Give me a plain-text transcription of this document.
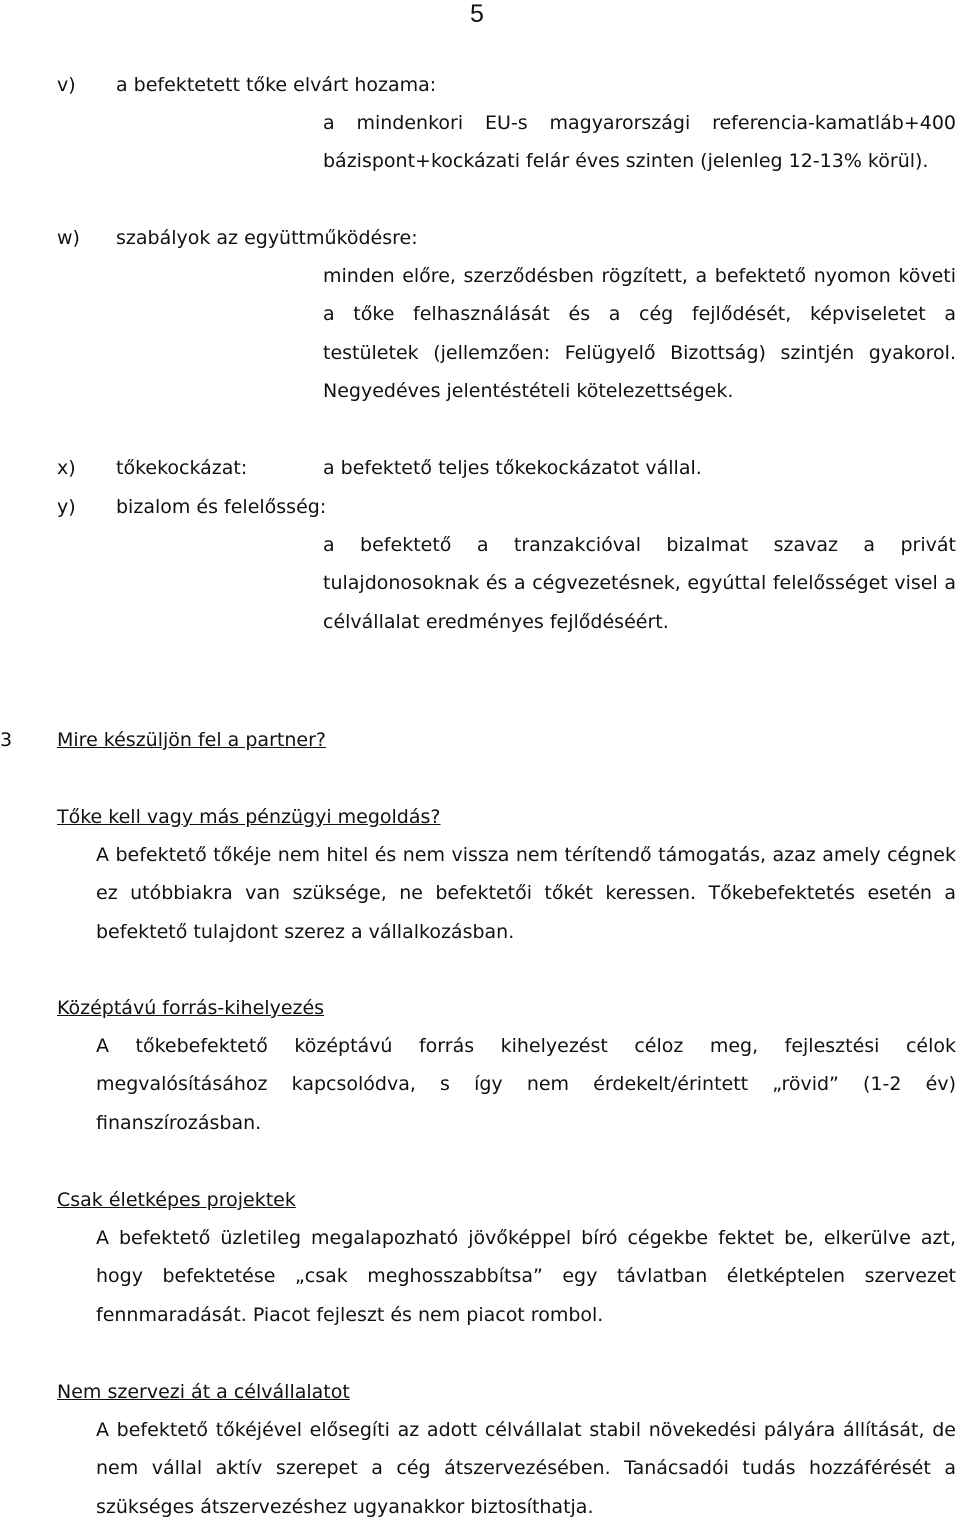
5
v) a befektetett tőke elvárt hozama:
a mindenkori EU-s magyarországi referencia-kamatláb+400 bázispont+kockázati felár éves szinten (jelenleg 12-13% körül).
w) szabályok az együttműködésre:
minden előre, szerződésben rögzített, a befektető nyomon követi a tőke felhasználását és a cég fejlődését, képviseletet a testületek (jellemzően: Felügyelő Bizottság) szintjén gyakorol. Negyedéves jelentéstételi kötelezettségek.
x) tőkekockázat:	a befektető teljes tőkekockázatot vállal.
y) bizalom és felelősség:
a befektető a tranzakcióval bizalmat szavaz a privát tulajdonosoknak és a cégvezetésnek, egyúttal felelősséget visel a célvállalat eredményes fejlődéséért.
3 Mire készüljön fel a partner?
Tőke kell vagy más pénzügyi megoldás?
A befektető tőkéje nem hitel és nem vissza nem térítendő támogatás, azaz amely cégnek ez utóbbiakra van szüksége, ne befektetői tőkét keressen. Tőkebefektetés esetén a befektető tulajdont szerez a vállalkozásban.
Középtávú forrás-kihelyezés
A tőkebefektető középtávú forrás kihelyezést céloz meg, fejlesztési célok megvalósításához kapcsolódva, s így nem érdekelt/érintett „rövid” (1-2 év) finanszírozásban.
Csak életképes projektek
A befektető üzletileg megalapozható jövőképpel bíró cégekbe fektet be, elkerülve azt, hogy befektetése „csak meghosszabbítsa” egy távlatban életképtelen szervezet fennmaradását. Piacot fejleszt és nem piacot rombol.
Nem szervezi át a célvállalatot
A befektető tőkéjével elősegíti az adott célvállalat stabil növekedési pályára állítását, de nem vállal aktív szerepet a cég átszervezésében. Tanácsadói tudás hozzáférését a szükséges átszervezéshez ugyanakkor biztosíthatja.
